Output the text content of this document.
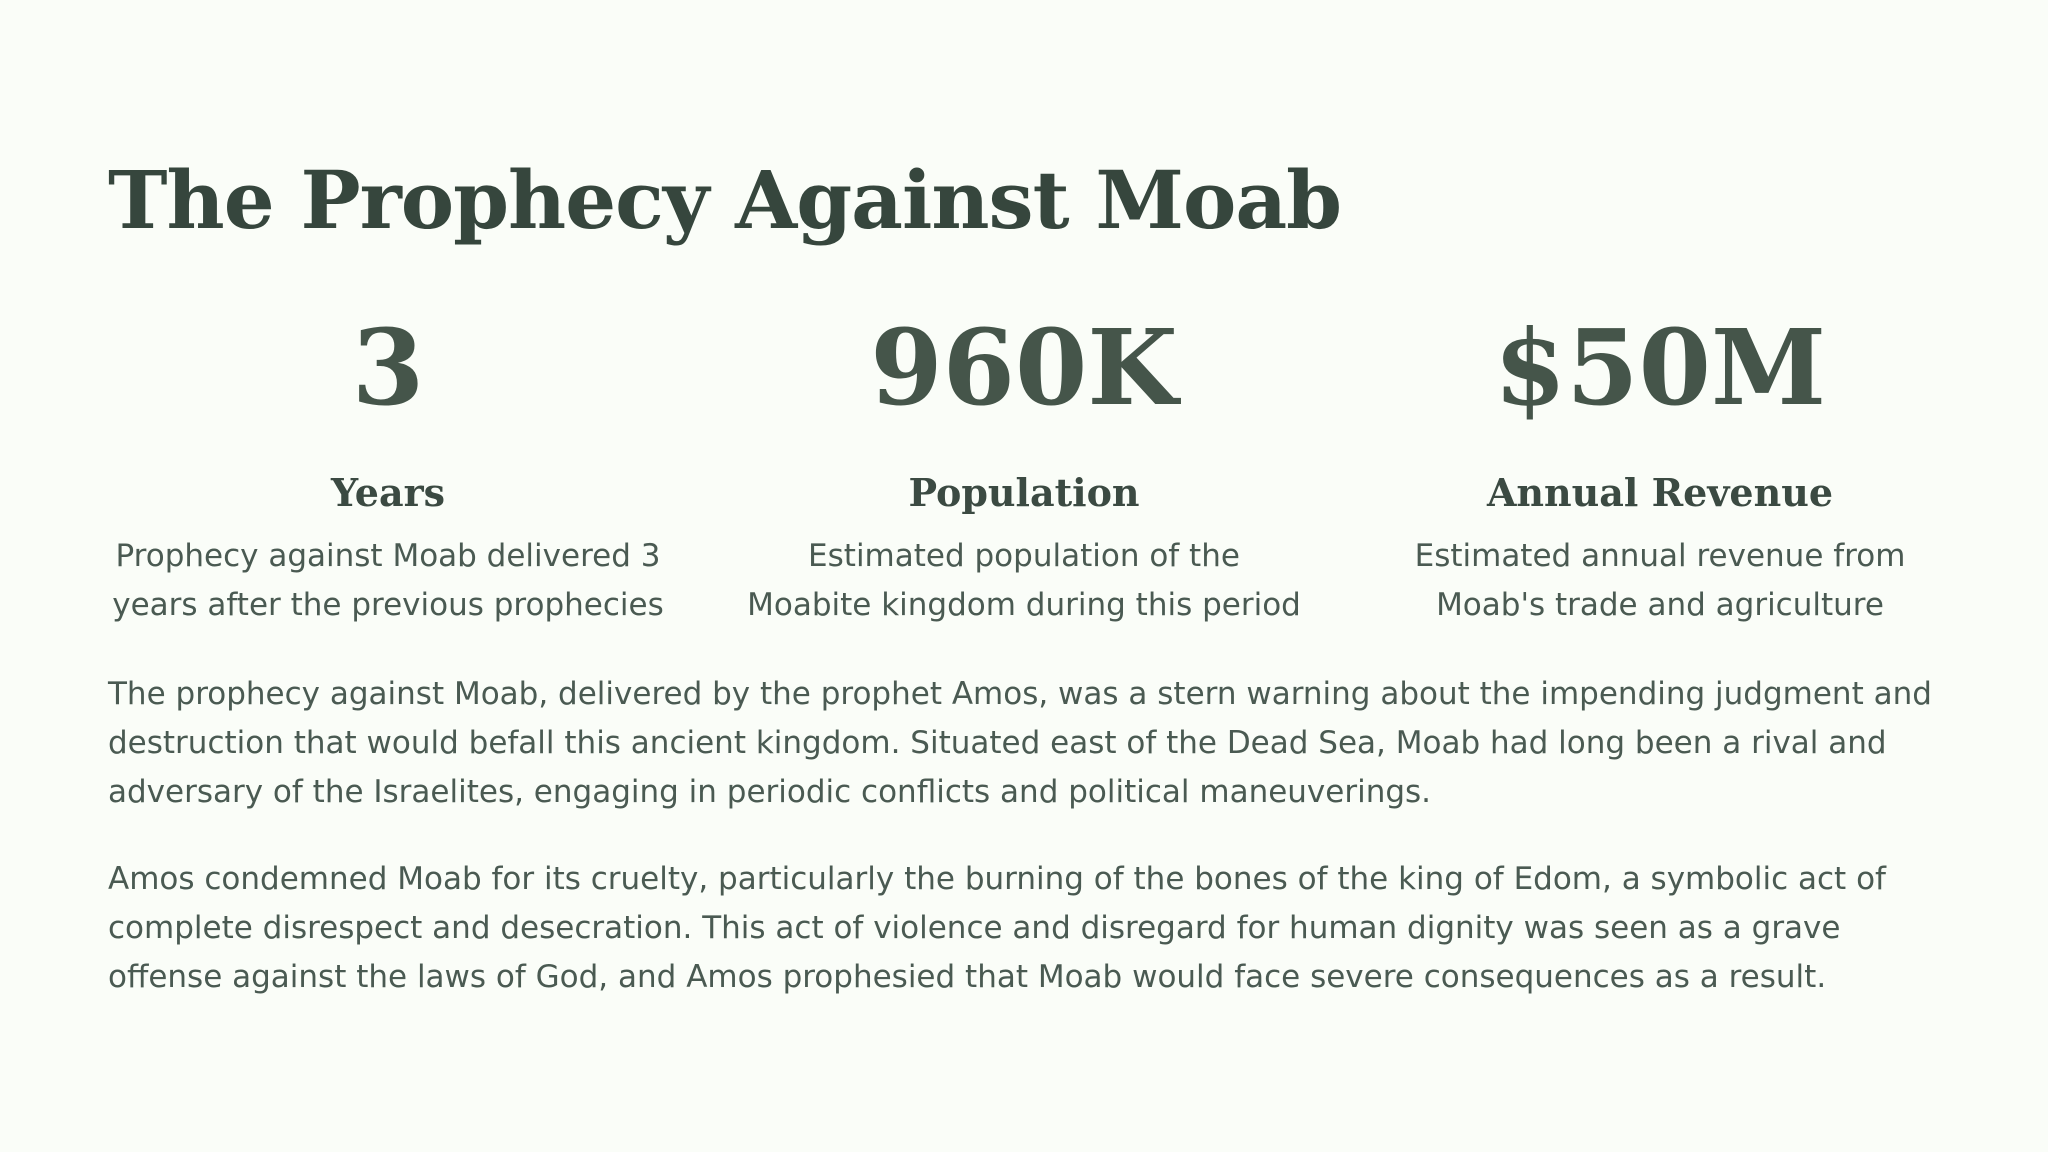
The Prophecy Against Moab
3
Years
Prophecy against Moab delivered 3 years after the previous prophecies
960K
Population
Estimated population of the Moabite kingdom during this period
$50M
Annual Revenue
Estimated annual revenue from Moab's trade and agriculture

The prophecy against Moab, delivered by the prophet Amos, was a stern warning about the impending judgment and destruction that would befall this ancient kingdom. Situated east of the Dead Sea, Moab had long been a rival and adversary of the Israelites, engaging in periodic conflicts and political maneuverings.

Amos condemned Moab for its cruelty, particularly the burning of the bones of the king of Edom, a symbolic act of complete disrespect and desecration. This act of violence and disregard for human dignity was seen as a grave offense against the laws of God, and Amos prophesied that Moab would face severe consequences as a result.
